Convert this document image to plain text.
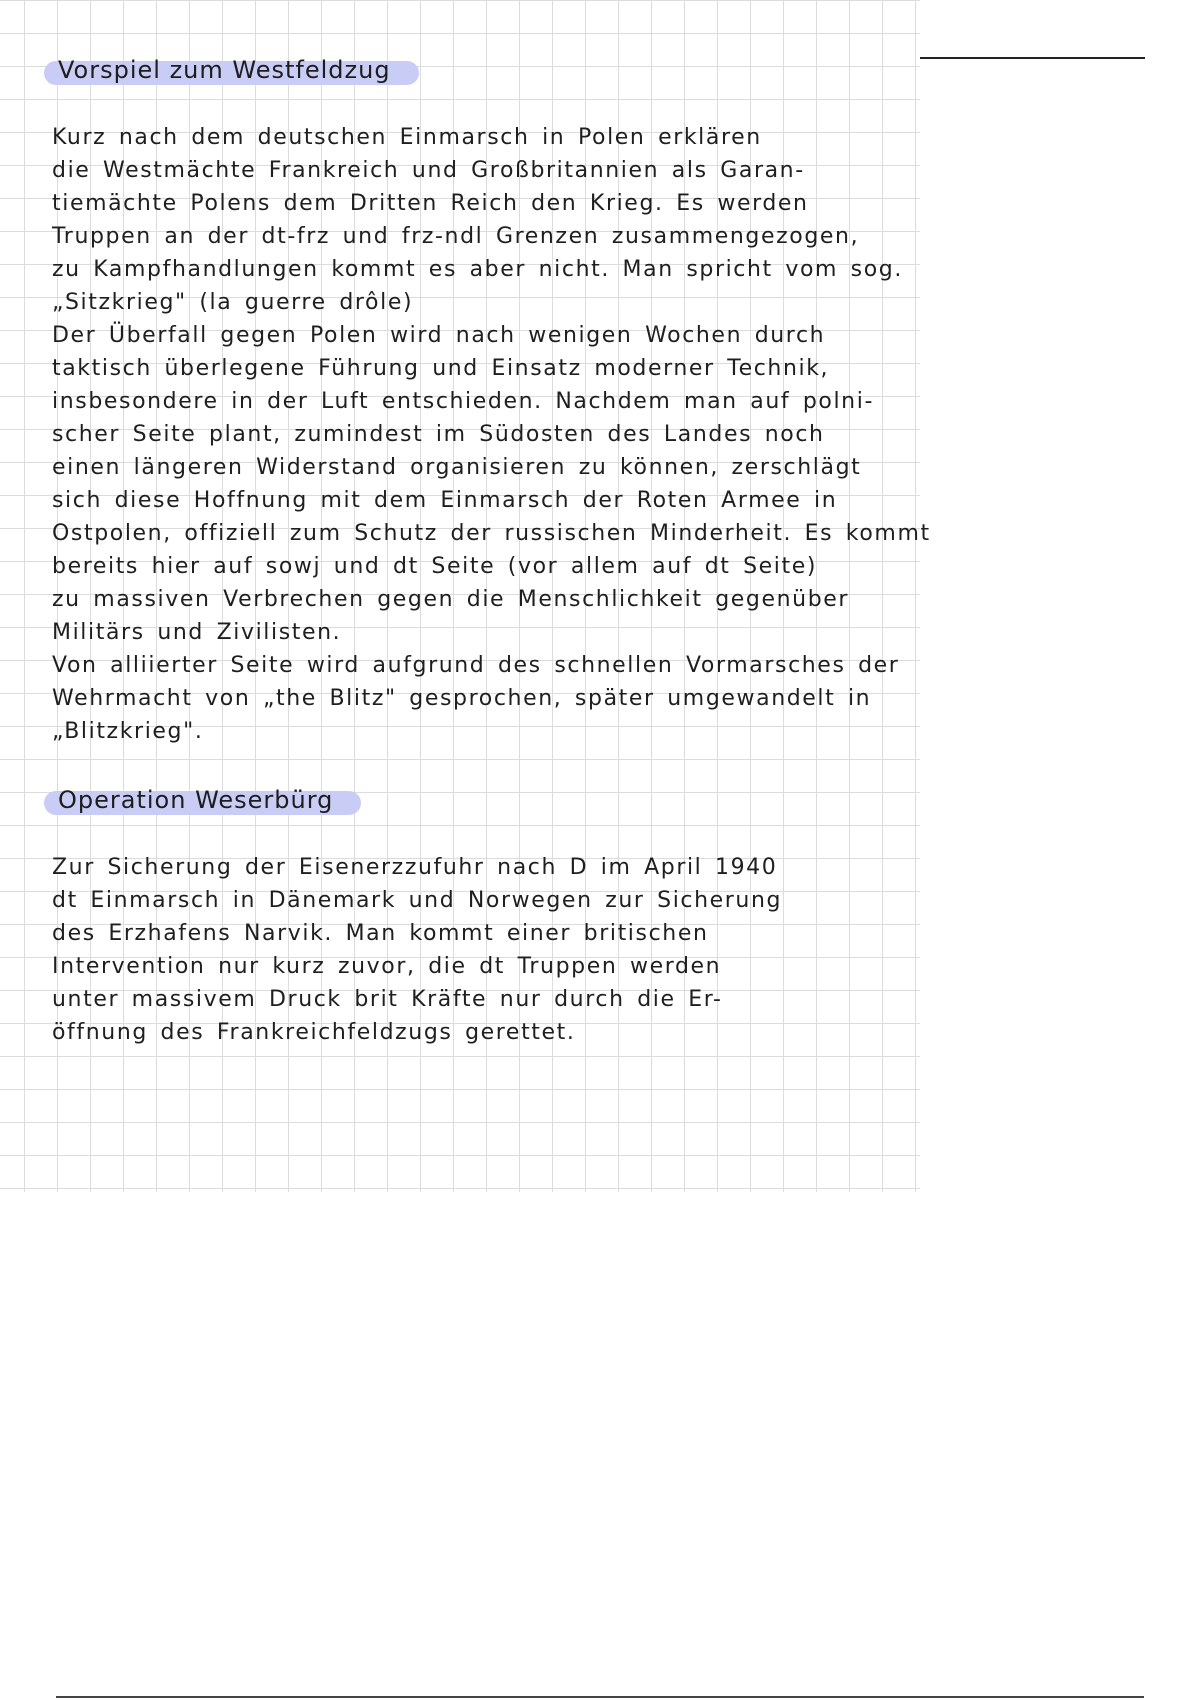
Vorspiel zum Westfeldzug
Kurz nach dem deutschen Einmarsch in Polen erklären
die Westmächte Frankreich und Großbritannien als Garan-
tiemächte Polens dem Dritten Reich den Krieg. Es werden
Truppen an der dt-frz und frz-ndl Grenzen zusammengezogen,
zu Kampfhandlungen kommt es aber nicht. Man spricht vom sog.
„Sitzkrieg" (la guerre drôle)
Der Überfall gegen Polen wird nach wenigen Wochen durch
taktisch überlegene Führung und Einsatz moderner Technik,
insbesondere in der Luft entschieden. Nachdem man auf polni-
scher Seite plant, zumindest im Südosten des Landes noch
einen längeren Widerstand organisieren zu können, zerschlägt
sich diese Hoffnung mit dem Einmarsch der Roten Armee in
Ostpolen, offiziell zum Schutz der russischen Minderheit. Es kommt
bereits hier auf sowj und dt Seite (vor allem auf dt Seite)
zu massiven Verbrechen gegen die Menschlichkeit gegenüber
Militärs und Zivilisten.
Von alliierter Seite wird aufgrund des schnellen Vormarsches der
Wehrmacht von „the Blitz" gesprochen, später umgewandelt in
„Blitzkrieg".
Operation Weserbürg
Zur Sicherung der Eisenerzzufuhr nach D im April 1940
dt Einmarsch in Dänemark und Norwegen zur Sicherung
des Erzhafens Narvik. Man kommt einer britischen
Intervention nur kurz zuvor, die dt Truppen werden
unter massivem Druck brit Kräfte nur durch die Er-
öffnung des Frankreichfeldzugs gerettet.
